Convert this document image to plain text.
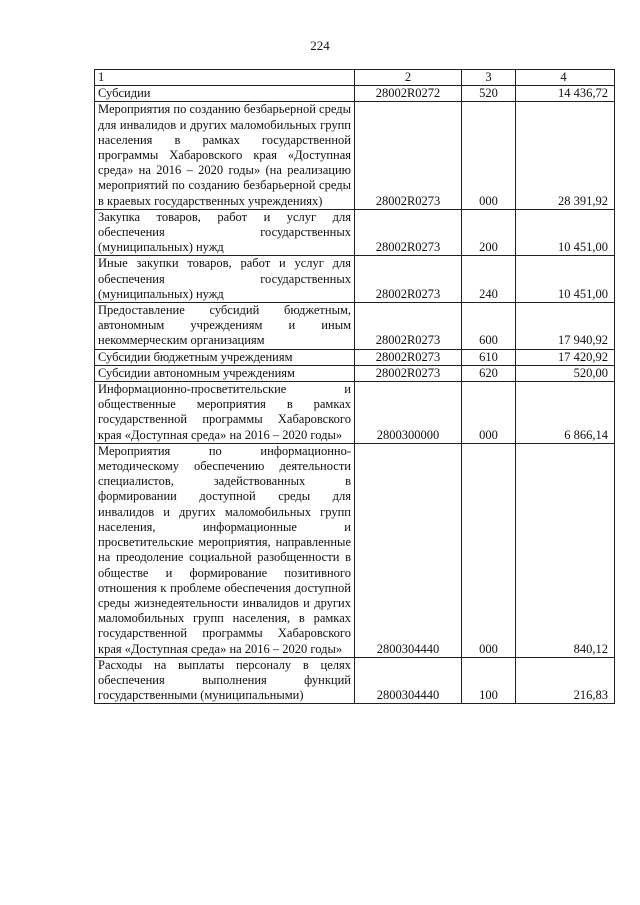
224
1	2	3	4
Субсидии	28002R0272	520	14 436,72
Мероприятия по созданию безбарьерной среды для инвалидов и других маломобильных групп населения в рамках государственной программы Хабаровского края «Доступная среда» на 2016 – 2020 годы» (на реализацию мероприятий по созданию безбарьерной среды в краевых государственных учреждениях)	28002R0273	000	28 391,92
Закупка товаров, работ и услуг для обеспечения государственных (муниципальных) нужд	28002R0273	200	10 451,00
Иные закупки товаров, работ и услуг для обеспечения государственных (муниципальных) нужд	28002R0273	240	10 451,00
Предоставление субсидий бюджетным, автономным учреждениям и иным некоммерческим организациям	28002R0273	600	17 940,92
Субсидии бюджетным учреждениям	28002R0273	610	17 420,92
Субсидии автономным учреждениям	28002R0273	620	520,00
Информационно-просветительские и общественные мероприятия в рамках государственной программы Хабаровского края «Доступная среда» на 2016 – 2020 годы»	2800300000	000	6 866,14
Мероприятия по информационно-методическому обеспечению деятельности специалистов, задействованных в формировании доступной среды для инвалидов и других маломобильных групп населения, информационные и просветительские мероприятия, направленные на преодоление социальной разобщенности в обществе и формирование позитивного отношения к проблеме обеспечения доступной среды жизнедеятельности инвалидов и других маломобильных групп населения, в рамках государственной программы Хабаровского края «Доступная среда» на 2016 – 2020 годы»	2800304440	000	840,12
Расходы на выплаты персоналу в целях обеспечения выполнения функций государственными (муниципальными)	2800304440	100	216,83
